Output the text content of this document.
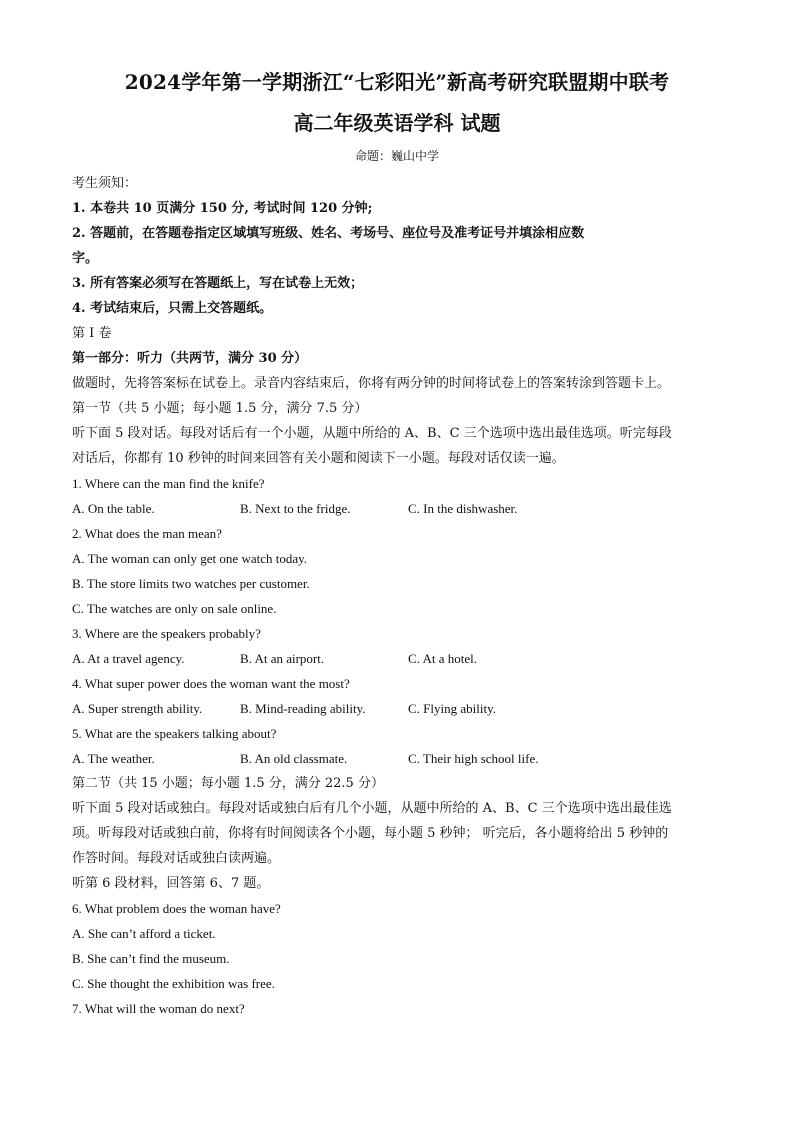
2024学年第一学期浙江“七彩阳光”新高考研究联盟期中联考
高二年级英语学科 试题
命题：巍山中学
考生须知：
1. 本卷共 10 页满分 150 分, 考试时间 120 分钟;
2. 答题前，在答题卷指定区域填写班级、姓名、考场号、座位号及准考证号并填涂相应数
字。
3. 所有答案必须写在答题纸上，写在试卷上无效；
4. 考试结束后，只需上交答题纸。
第 I 卷
第一部分：听力（共两节，满分 30 分）
做题时，先将答案标在试卷上。录音内容结束后，你将有两分钟的时间将试卷上的答案转涂到答题卡上。
第一节（共 5 小题；每小题 1.5 分，满分 7.5 分）
听下面 5 段对话。每段对话后有一个小题，从题中所给的 A、B、C 三个选项中选出最佳选项。听完每段
对话后，你都有 10 秒钟的时间来回答有关小题和阅读下一小题。每段对话仅读一遍。
1. Where can the man find the knife?
A. On the table.	B. Next to the fridge.	C. In the dishwasher.
2. What does the man mean?
A. The woman can only get one watch today.
B. The store limits two watches per customer.
C. The watches are only on sale online.
3. Where are the speakers probably?
A. At a travel agency.	B. At an airport.	C. At a hotel.
4. What super power does the woman want the most?
A. Super strength ability.	B. Mind-reading ability.	C. Flying ability.
5. What are the speakers talking about?
A. The weather.	B. An old classmate.	C. Their high school life.
第二节（共 15 小题；每小题 1.5 分，满分 22.5 分）
听下面 5 段对话或独白。每段对话或独白后有几个小题，从题中所给的 A、B、C 三个选项中选出最佳选
项。听每段对话或独白前，你将有时间阅读各个小题，每小题 5 秒钟； 听完后，各小题将给出 5 秒钟的
作答时间。每段对话或独白读两遍。
听第 6 段材料，回答第 6、7 题。
6. What problem does the woman have?
A. She can’t afford a ticket.
B. She can’t find the museum.
C. She thought the exhibition was free.
7. What will the woman do next?
